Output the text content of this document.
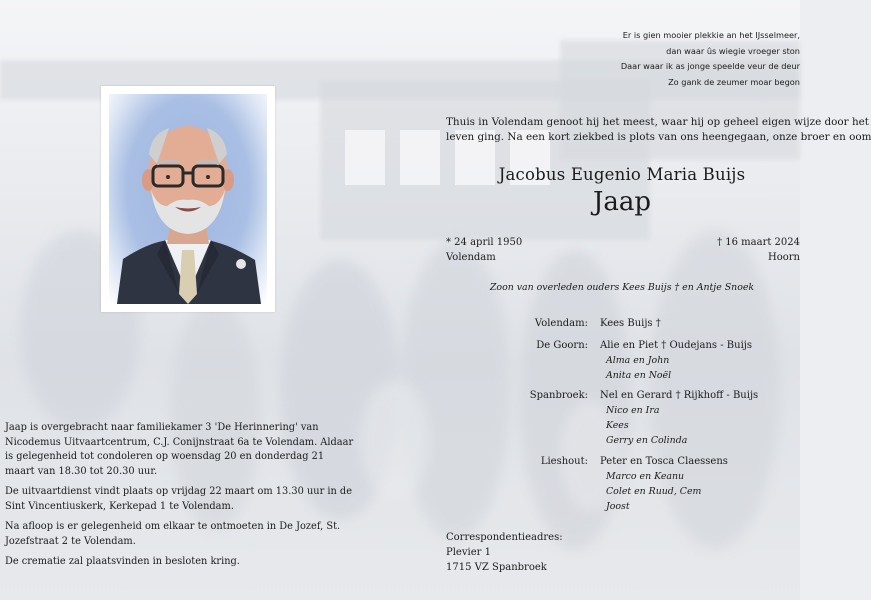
Er is gien mooier plekkie an het IJsselmeer,
dan waar ûs wiegie vroeger ston
Daar waar ik as jonge speelde veur de deur
Zo gank de zeumer moar begon
Thuis in Volendam genoot hij het meest, waar hij op geheel eigen wijze door het
leven ging. Na een kort ziekbed is plots van ons heengegaan, onze broer en oom
Jacobus Eugenio Maria Buijs
Jaap
* 24 april 1950
Volendam
† 16 maart 2024
Hoorn
Zoon van overleden ouders Kees Buijs † en Antje Snoek
Volendam: Kees Buijs †
De Goorn: Alie en Piet † Oudejans - Buijs
Alma en John
Anita en Noël
Spanbroek: Nel en Gerard † Rijkhoff - Buijs
Nico en Ira
Kees
Gerry en Colinda
Lieshout: Peter en Tosca Claessens
Marco en Keanu
Colet en Ruud, Cem
Joost
Correspondentieadres:
Plevier 1
1715 VZ Spanbroek

Jaap is overgebracht naar familiekamer 3 'De Herinnering' van Nicodemus Uitvaartcentrum, C.J. Conijnstraat 6a te Volendam. Aldaar is gelegenheid tot condoleren op woensdag 20 en donderdag 21 maart van 18.30 tot 20.30 uur.

De uitvaartdienst vindt plaats op vrijdag 22 maart om 13.30 uur in de Sint Vincentiuskerk, Kerkepad 1 te Volendam.

Na afloop is er gelegenheid om elkaar te ontmoeten in De Jozef, St. Jozefstraat 2 te Volendam.

De crematie zal plaatsvinden in besloten kring.
